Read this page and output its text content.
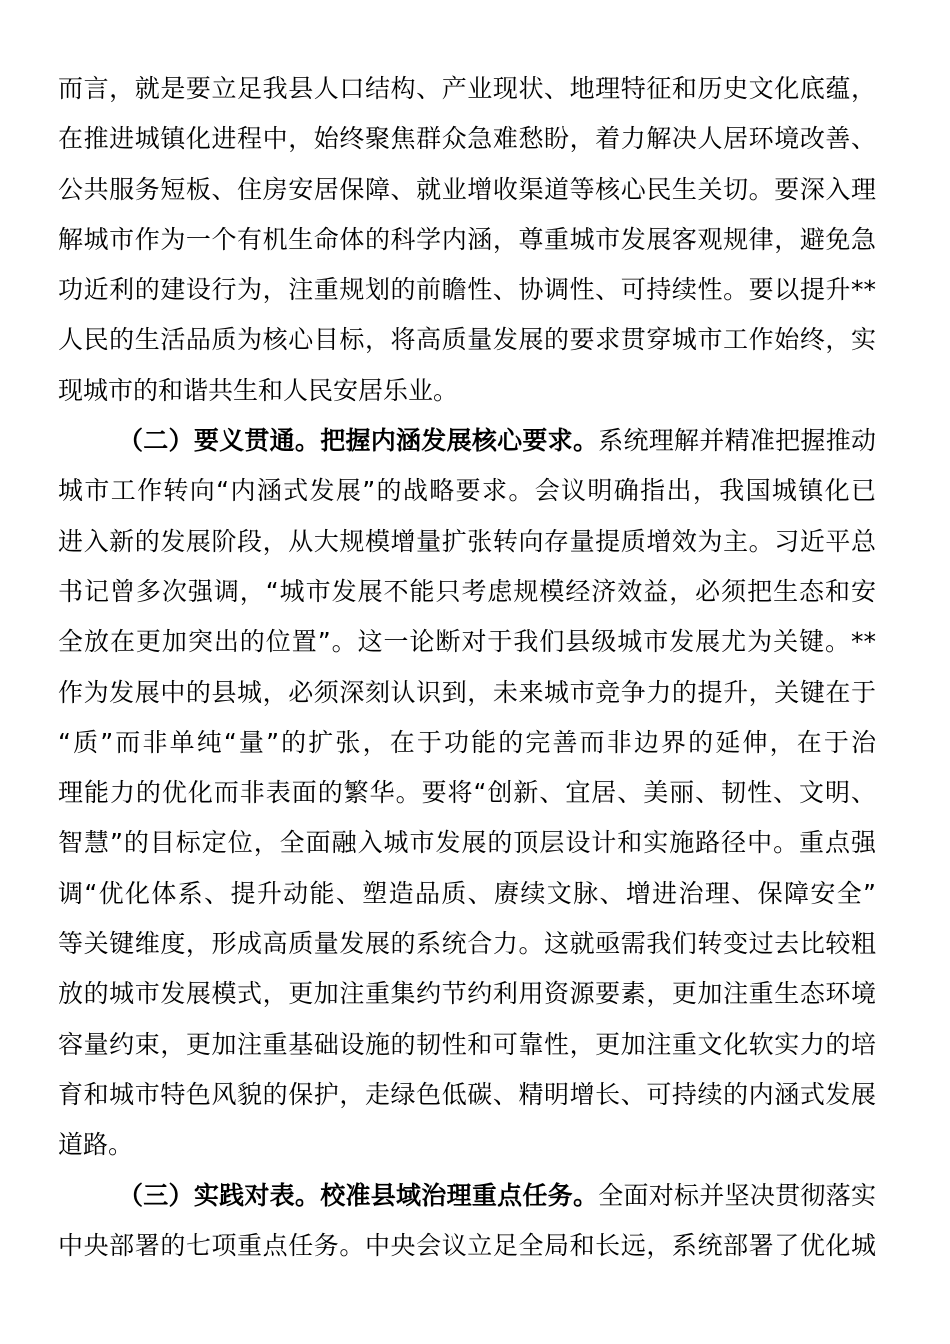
而言，就是要立足我县人口结构、产业现状、地理特征和历史文化底蕴，
在推进城镇化进程中，始终聚焦群众急难愁盼，着力解决人居环境改善、
公共服务短板、住房安居保障、就业增收渠道等核心民生关切。要深入理
解城市作为一个有机生命体的科学内涵，尊重城市发展客观规律，避免急
功近利的建设行为，注重规划的前瞻性、协调性、可持续性。要以提升**
人民的生活品质为核心目标，将高质量发展的要求贯穿城市工作始终，实
现城市的和谐共生和人民安居乐业。
（二）要义贯通。把握内涵发展核心要求。系统理解并精准把握推动
城市工作转向“内涵式发展”的战略要求。会议明确指出，我国城镇化已
进入新的发展阶段，从大规模增量扩张转向存量提质增效为主。习近平总
书记曾多次强调，“城市发展不能只考虑规模经济效益，必须把生态和安
全放在更加突出的位置”。这一论断对于我们县级城市发展尤为关键。**
作为发展中的县城，必须深刻认识到，未来城市竞争力的提升，关键在于
“质”而非单纯“量”的扩张，在于功能的完善而非边界的延伸，在于治
理能力的优化而非表面的繁华。要将“创新、宜居、美丽、韧性、文明、
智慧”的目标定位，全面融入城市发展的顶层设计和实施路径中。重点强
调“优化体系、提升动能、塑造品质、赓续文脉、增进治理、保障安全”
等关键维度，形成高质量发展的系统合力。这就亟需我们转变过去比较粗
放的城市发展模式，更加注重集约节约利用资源要素，更加注重生态环境
容量约束，更加注重基础设施的韧性和可靠性，更加注重文化软实力的培
育和城市特色风貌的保护，走绿色低碳、精明增长、可持续的内涵式发展
道路。
（三）实践对表。校准县域治理重点任务。全面对标并坚决贯彻落实
中央部署的七项重点任务。中央会议立足全局和长远，系统部署了优化城
